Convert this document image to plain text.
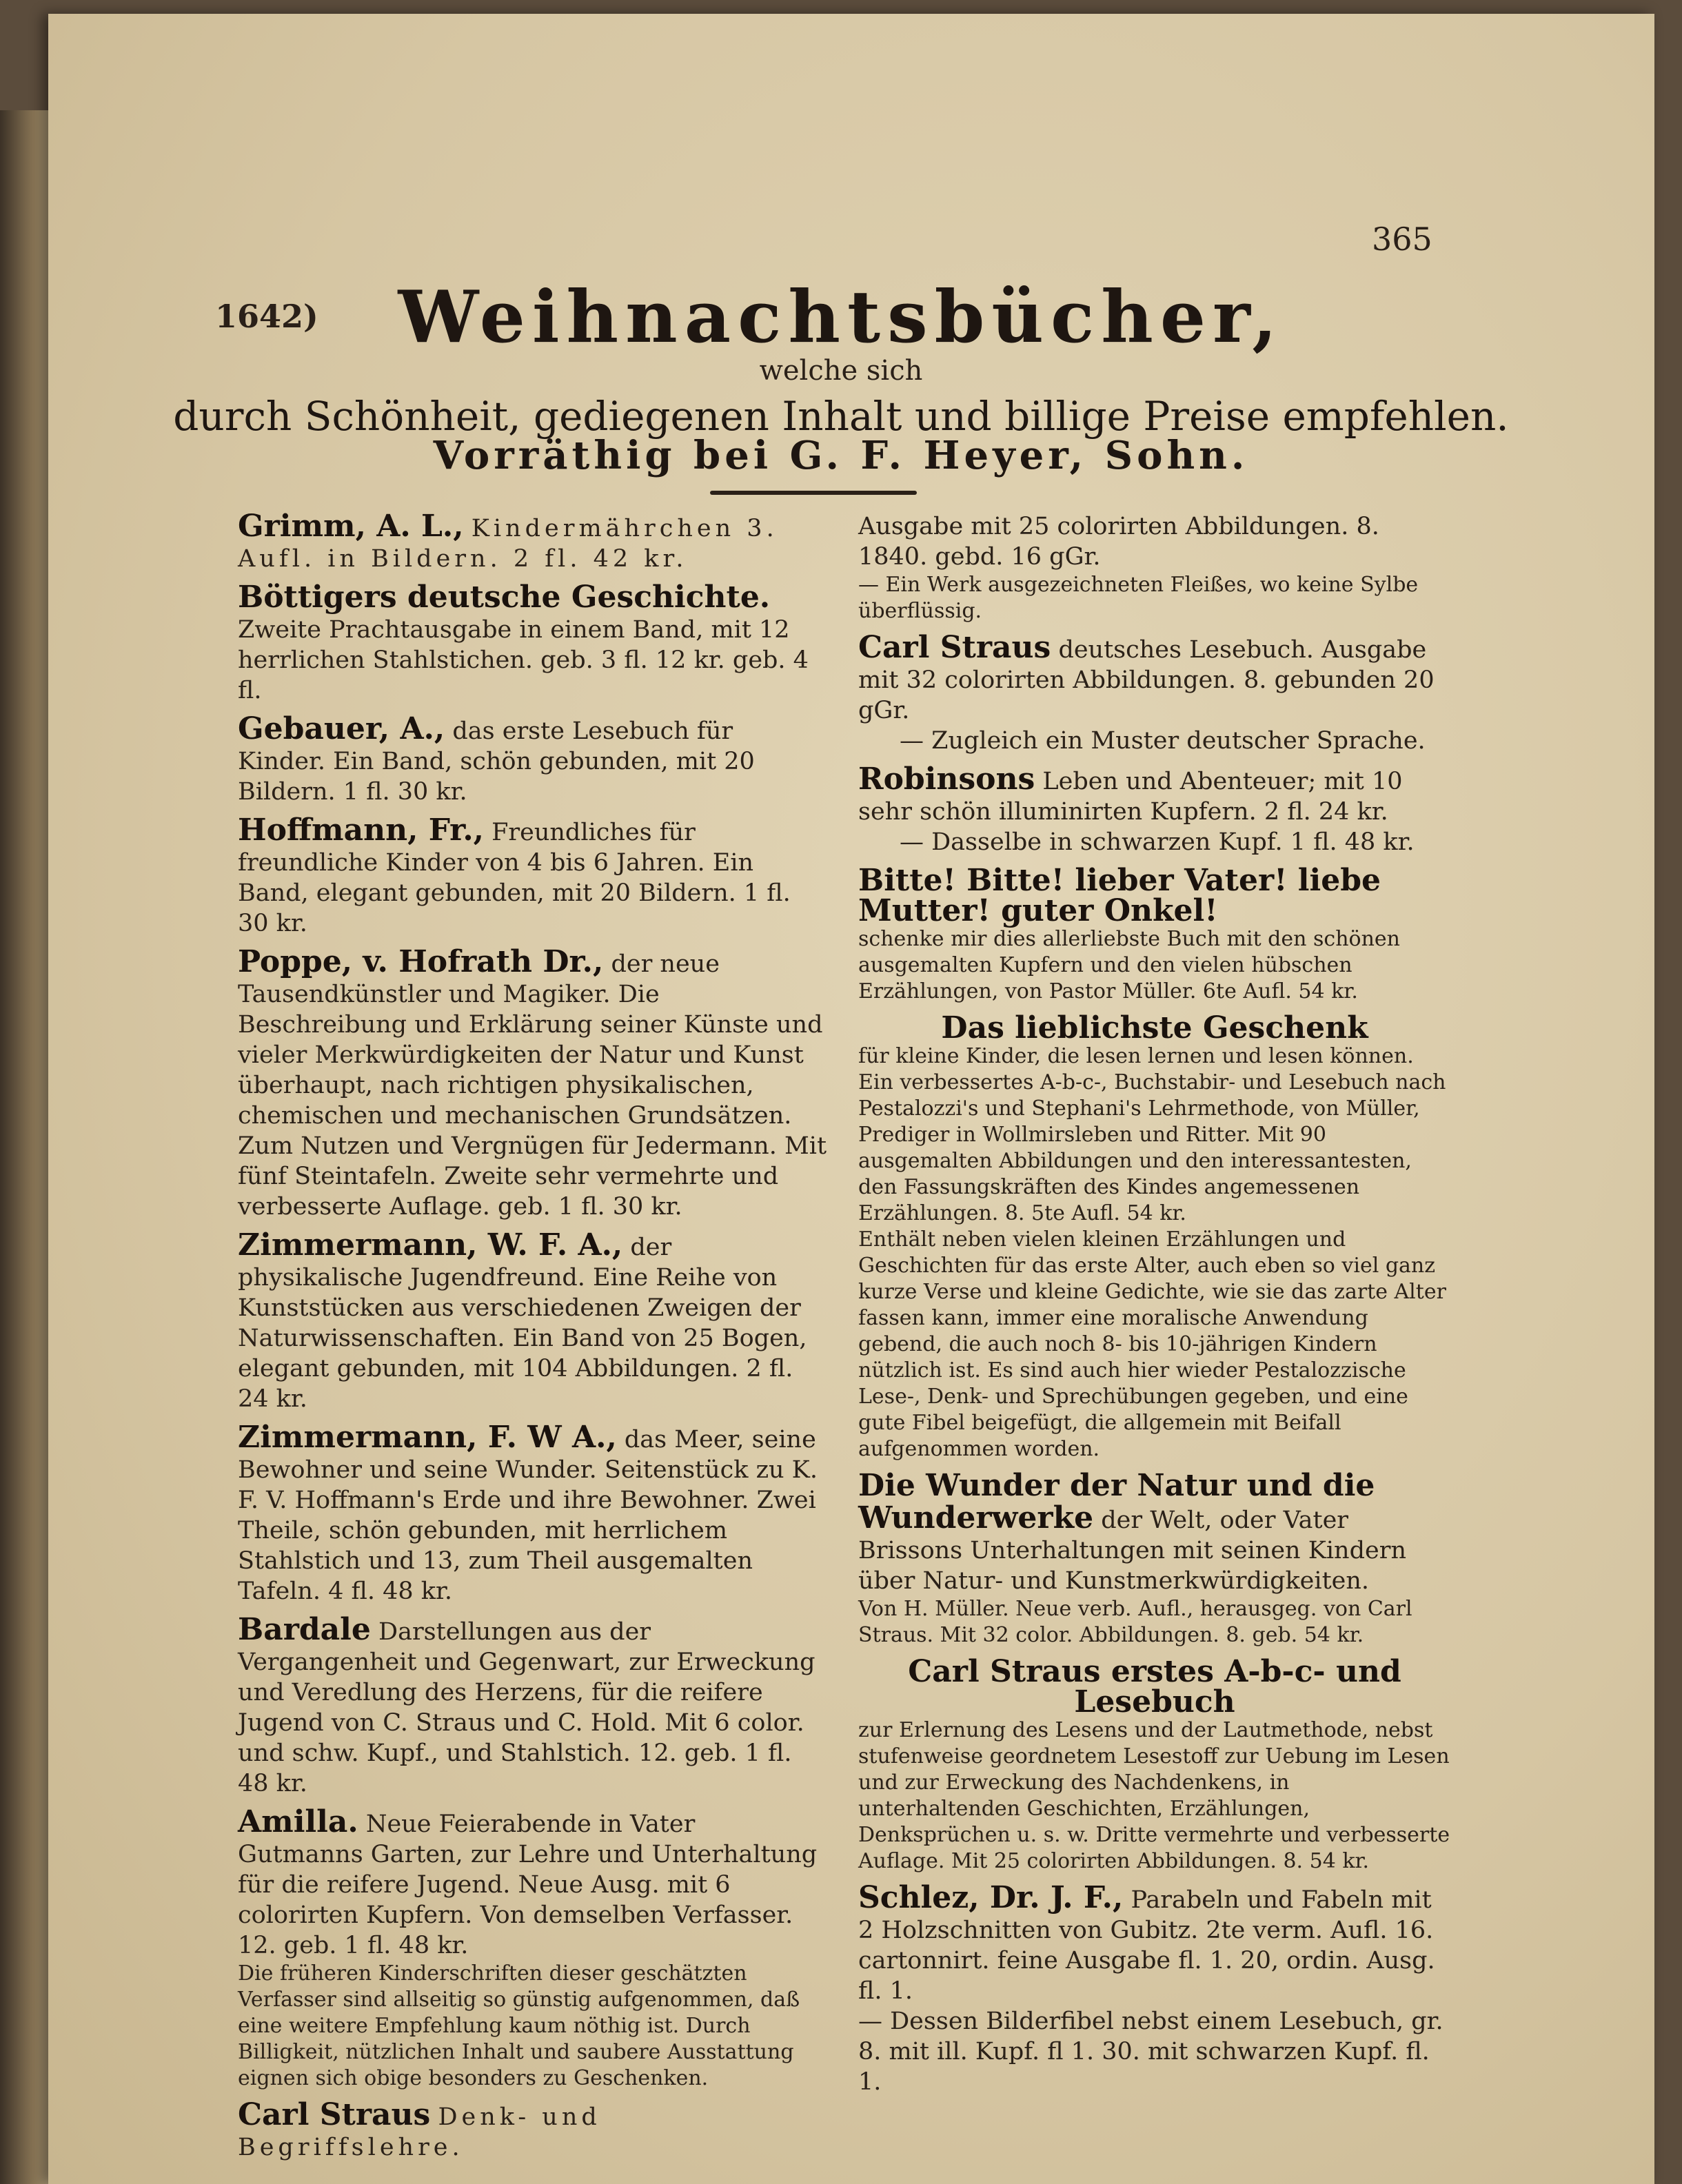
365
1642)	Weihnachtsbücher,
welche sich
durch Schönheit, gediegenen Inhalt und billige Preise empfehlen.
Vorräthig bei G. F. Heyer, Sohn.
Grimm, A. L., Kindermährchen 3. Aufl. in Bildern. 2 fl. 42 kr.
Böttigers deutsche Geschichte. Zweite Prachtausgabe in einem Band, mit 12 herrlichen Stahlstichen. geb. 3 fl. 12 kr. geb. 4 fl.
Gebauer, A., das erste Lesebuch für Kinder. Ein Band, schön gebunden, mit 20 Bildern. 1 fl. 30 kr.
Hoffmann, Fr., Freundliches für freundliche Kinder von 4 bis 6 Jahren. Ein Band, elegant gebunden, mit 20 Bildern. 1 fl. 30 kr.
Poppe, v. Hofrath Dr., der neue Tausendkünstler und Magiker. Die Beschreibung und Erklärung seiner Künste und vieler Merkwürdigkeiten der Natur und Kunst überhaupt, nach richtigen physikalischen, chemischen und mechanischen Grundsätzen. Zum Nutzen und Vergnügen für Jedermann. Mit fünf Steintafeln. Zweite sehr vermehrte und verbesserte Auflage. geb. 1 fl. 30 kr.
Zimmermann, W. F. A., der physikalische Jugendfreund. Eine Reihe von Kunststücken aus verschiedenen Zweigen der Naturwissenschaften. Ein Band von 25 Bogen, elegant gebunden, mit 104 Abbildungen. 2 fl. 24 kr.
Zimmermann, F. W A., das Meer, seine Bewohner und seine Wunder. Seitenstück zu K. F. V. Hoffmann's Erde und ihre Bewohner. Zwei Theile, schön gebunden, mit herrlichem Stahlstich und 13, zum Theil ausgemalten Tafeln. 4 fl. 48 kr.
Bardale Darstellungen aus der Vergangenheit und Gegenwart, zur Erweckung und Veredlung des Herzens, für die reifere Jugend von C. Straus und C. Hold. Mit 6 color. und schw. Kupf., und Stahlstich. 12. geb. 1 fl. 48 kr.
Amilla. Neue Feierabende in Vater Gutmanns Garten, zur Lehre und Unterhaltung für die reifere Jugend. Neue Ausg. mit 6 colorirten Kupfern. Von demselben Verfasser. 12. geb. 1 fl. 48 kr.

Die früheren Kinderschriften dieser geschätzten Verfasser sind allseitig so günstig aufgenommen, daß eine weitere Empfehlung kaum nöthig ist. Durch Billigkeit, nützlichen Inhalt und saubere Ausstattung eignen sich obige besonders zu Geschenken.

Carl Straus Denk- und Begriffslehre.

Ausgabe mit 25 colorirten Abbildungen. 8. 1840. gebd. 16 gGr.

— Ein Werk ausgezeichneten Fleißes, wo keine Sylbe überflüssig.

Carl Straus deutsches Lesebuch. Ausgabe mit 32 colorirten Abbildungen. 8. gebunden 20 gGr.

— Zugleich ein Muster deutscher Sprache.

Robinsons Leben und Abenteuer; mit 10 sehr schön illuminirten Kupfern. 2 fl. 24 kr.

— Dasselbe in schwarzen Kupf. 1 fl. 48 kr.

Bitte! Bitte! lieber Vater! liebe Mutter! guter Onkel!

schenke mir dies allerliebste Buch mit den schönen ausgemalten Kupfern und den vielen hübschen Erzählungen, von Pastor Müller. 6te Aufl. 54 kr.

Das lieblichste Geschenk

für kleine Kinder, die lesen lernen und lesen können. Ein verbessertes A-b-c-, Buchstabir- und Lesebuch nach Pestalozzi's und Stephani's Lehrmethode, von Müller, Prediger in Wollmirsleben und Ritter. Mit 90 ausgemalten Abbildungen und den interessantesten, den Fassungskräften des Kindes angemessenen Erzählungen. 8. 5te Aufl. 54 kr.

Enthält neben vielen kleinen Erzählungen und Geschichten für das erste Alter, auch eben so viel ganz kurze Verse und kleine Gedichte, wie sie das zarte Alter fassen kann, immer eine moralische Anwendung gebend, die auch noch 8- bis 10-jährigen Kindern nützlich ist. Es sind auch hier wieder Pestalozzische Lese-, Denk- und Sprechübungen gegeben, und eine gute Fibel beigefügt, die allgemein mit Beifall aufgenommen worden.

Die Wunder der Natur und die Wunderwerke der Welt, oder Vater Brissons Unterhaltungen mit seinen Kindern über Natur- und Kunstmerkwürdigkeiten.

Von H. Müller. Neue verb. Aufl., herausgeg. von Carl Straus. Mit 32 color. Abbildungen. 8. geb. 54 kr.

Carl Straus erstes A-b-c- und Lesebuch

zur Erlernung des Lesens und der Lautmethode, nebst stufenweise geordnetem Lesestoff zur Uebung im Lesen und zur Erweckung des Nachdenkens, in unterhaltenden Geschichten, Erzählungen, Denksprüchen u. s. w. Dritte vermehrte und verbesserte Auflage. Mit 25 colorirten Abbildungen. 8. 54 kr.

Schlez, Dr. J. F., Parabeln und Fabeln mit 2 Holzschnitten von Gubitz. 2te verm. Aufl. 16. cartonnirt. feine Ausgabe fl. 1. 20, ordin. Ausg. fl. 1.

— Dessen Bilderfibel nebst einem Lesebuch, gr. 8. mit ill. Kupf. fl 1. 30. mit schwarzen Kupf. fl. 1.
